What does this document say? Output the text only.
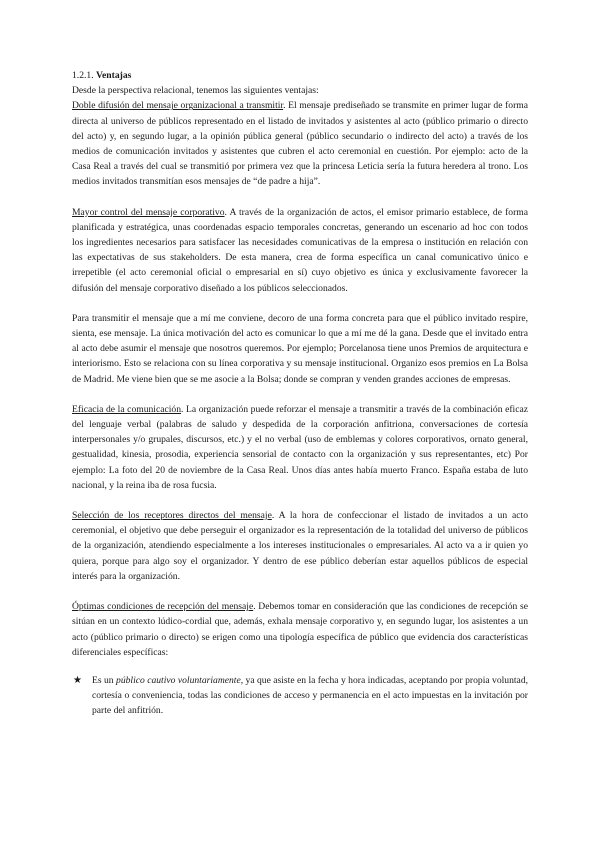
1.2.1. Ventajas

Desde la perspectiva relacional, tenemos las siguientes ventajas:

Doble difusión del mensaje organizacional a transmitir. El mensaje prediseñado se transmite en primer lugar de forma directa al universo de públicos representado en el listado de invitados y asistentes al acto (público primario o directo del acto) y, en segundo lugar, a la opinión pública general (público secundario o indirecto del acto) a través de los medios de comunicación invitados y asistentes que cubren el acto ceremonial en cuestión. Por ejemplo: acto de la Casa Real a través del cual se transmitió por primera vez que la princesa Leticia sería la futura heredera al trono. Los medios invitados transmitían esos mensajes de “de padre a hija”.

Mayor control del mensaje corporativo. A través de la organización de actos, el emisor primario establece, de forma planificada y estratégica, unas coordenadas espacio temporales concretas, generando un escenario ad hoc con todos los ingredientes necesarios para satisfacer las necesidades comunicativas de la empresa o institución en relación con las expectativas de sus stakeholders. De esta manera, crea de forma específica un canal comunicativo único e irrepetible (el acto ceremonial oficial o empresarial en sí) cuyo objetivo es única y exclusivamente favorecer la difusión del mensaje corporativo diseñado a los públicos seleccionados.

Para transmitir el mensaje que a mí me conviene, decoro de una forma concreta para que el público invitado respire, sienta, ese mensaje. La única motivación del acto es comunicar lo que a mí me dé la gana. Desde que el invitado entra al acto debe asumir el mensaje que nosotros queremos. Por ejemplo; Porcelanosa tiene unos Premios de arquitectura e interiorismo. Esto se relaciona con su línea corporativa y su mensaje institucional. Organizo esos premios en La Bolsa de Madrid. Me viene bien que se me asocie a la Bolsa; donde se compran y venden grandes acciones de empresas.

Eficacia de la comunicación. La organización puede reforzar el mensaje a transmitir a través de la combinación eficaz del lenguaje verbal (palabras de saludo y despedida de la corporación anfitriona, conversaciones de cortesía interpersonales y/o grupales, discursos, etc.) y el no verbal (uso de emblemas y colores corporativos, ornato general, gestualidad, kinesia, prosodia, experiencia sensorial de contacto con la organización y sus representantes, etc) Por ejemplo: La foto del 20 de noviembre de la Casa Real. Unos días antes había muerto Franco. España estaba de luto nacional, y la reina iba de rosa fucsia.

Selección de los receptores directos del mensaje. A la hora de confeccionar el listado de invitados a un acto ceremonial, el objetivo que debe perseguir el organizador es la representación de la totalidad del universo de públicos de la organización, atendiendo especialmente a los intereses institucionales o empresariales. Al acto va a ir quien yo quiera, porque para algo soy el organizador. Y dentro de ese público deberían estar aquellos públicos de especial interés para la organización.

Óptimas condiciones de recepción del mensaje. Debemos tomar en consideración que las condiciones de recepción se sitúan en un contexto lúdico-cordial que, además, exhala mensaje corporativo y, en segundo lugar, los asistentes a un acto (público primario o directo) se erigen como una tipología específica de público que evidencia dos características diferenciales específicas:

★ Es un público cautivo voluntariamente, ya que asiste en la fecha y hora indicadas, aceptando por propia voluntad, cortesía o conveniencia, todas las condiciones de acceso y permanencia en el acto impuestas en la invitación por parte del anfitrión.
